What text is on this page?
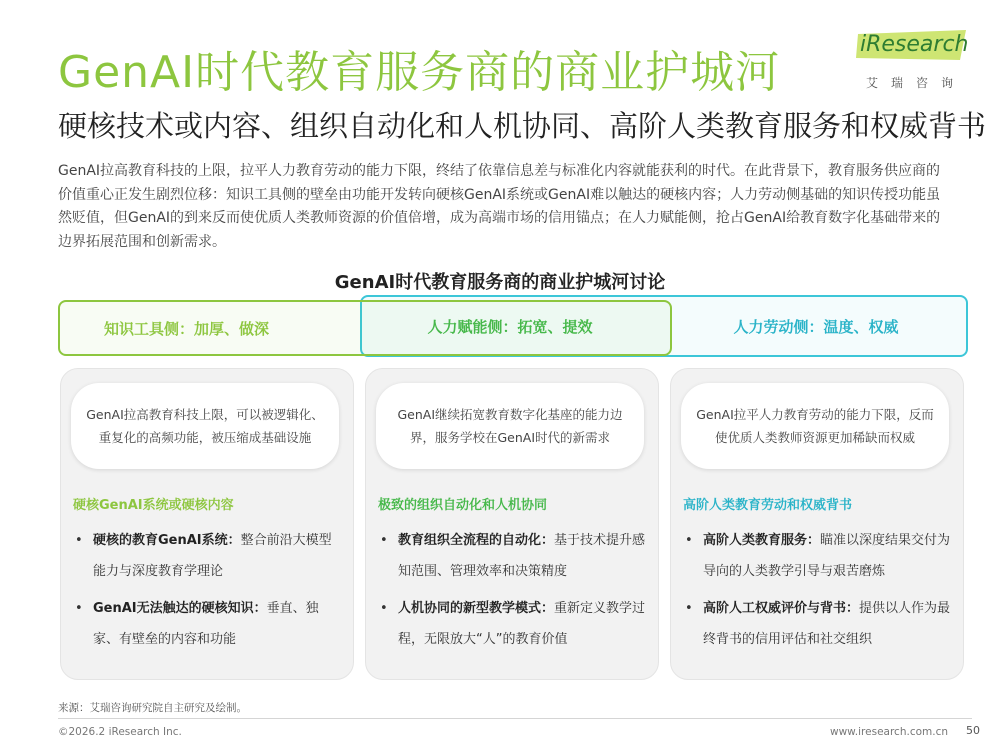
GenAI时代教育服务商的商业护城河
硬核技术或内容、组织自动化和人机协同、高阶人类教育服务和权威背书
iResearch
艾瑞咨询
GenAI拉高教育科技的上限，拉平人力教育劳动的能力下限，终结了依靠信息差与标准化内容就能获利的时代。在此背景下，教育服务供应商的价值重心正发生剧烈位移：知识工具侧的壁垒由功能开发转向硬核GenAI系统或GenAI难以触达的硬核内容；人力劳动侧基础的知识传授功能虽然贬值，但GenAI的到来反而使优质人类教师资源的价值倍增，成为高端市场的信用锚点；在人力赋能侧，抢占GenAI给教育数字化基础带来的边界拓展范围和创新需求。
GenAI时代教育服务商的商业护城河讨论
知识工具侧：加厚、做深	人力赋能侧：拓宽、提效	人力劳动侧：温度、权威
GenAI拉高教育科技上限，可以被逻辑化、重复化的高频功能，被压缩成基础设施
硬核GenAI系统或硬核内容
• 硬核的教育GenAI系统：整合前沿大模型能力与深度教育学理论
• GenAI无法触达的硬核知识：垂直、独家、有壁垒的内容和功能
GenAI继续拓宽教育数字化基座的能力边界，服务学校在GenAI时代的新需求
极致的组织自动化和人机协同
• 教育组织全流程的自动化：基于技术提升感知范围、管理效率和决策精度
• 人机协同的新型教学模式：重新定义教学过程，无限放大“人”的教育价值
GenAI拉平人力教育劳动的能力下限，反而使优质人类教师资源更加稀缺而权威
高阶人类教育劳动和权威背书
• 高阶人类教育服务：瞄准以深度结果交付为导向的人类教学引导与艰苦磨炼
• 高阶人工权威评价与背书：提供以人作为最终背书的信用评估和社交组织
来源：艾瑞咨询研究院自主研究及绘制。
©2026.2 iResearch Inc.	www.iresearch.com.cn 50
